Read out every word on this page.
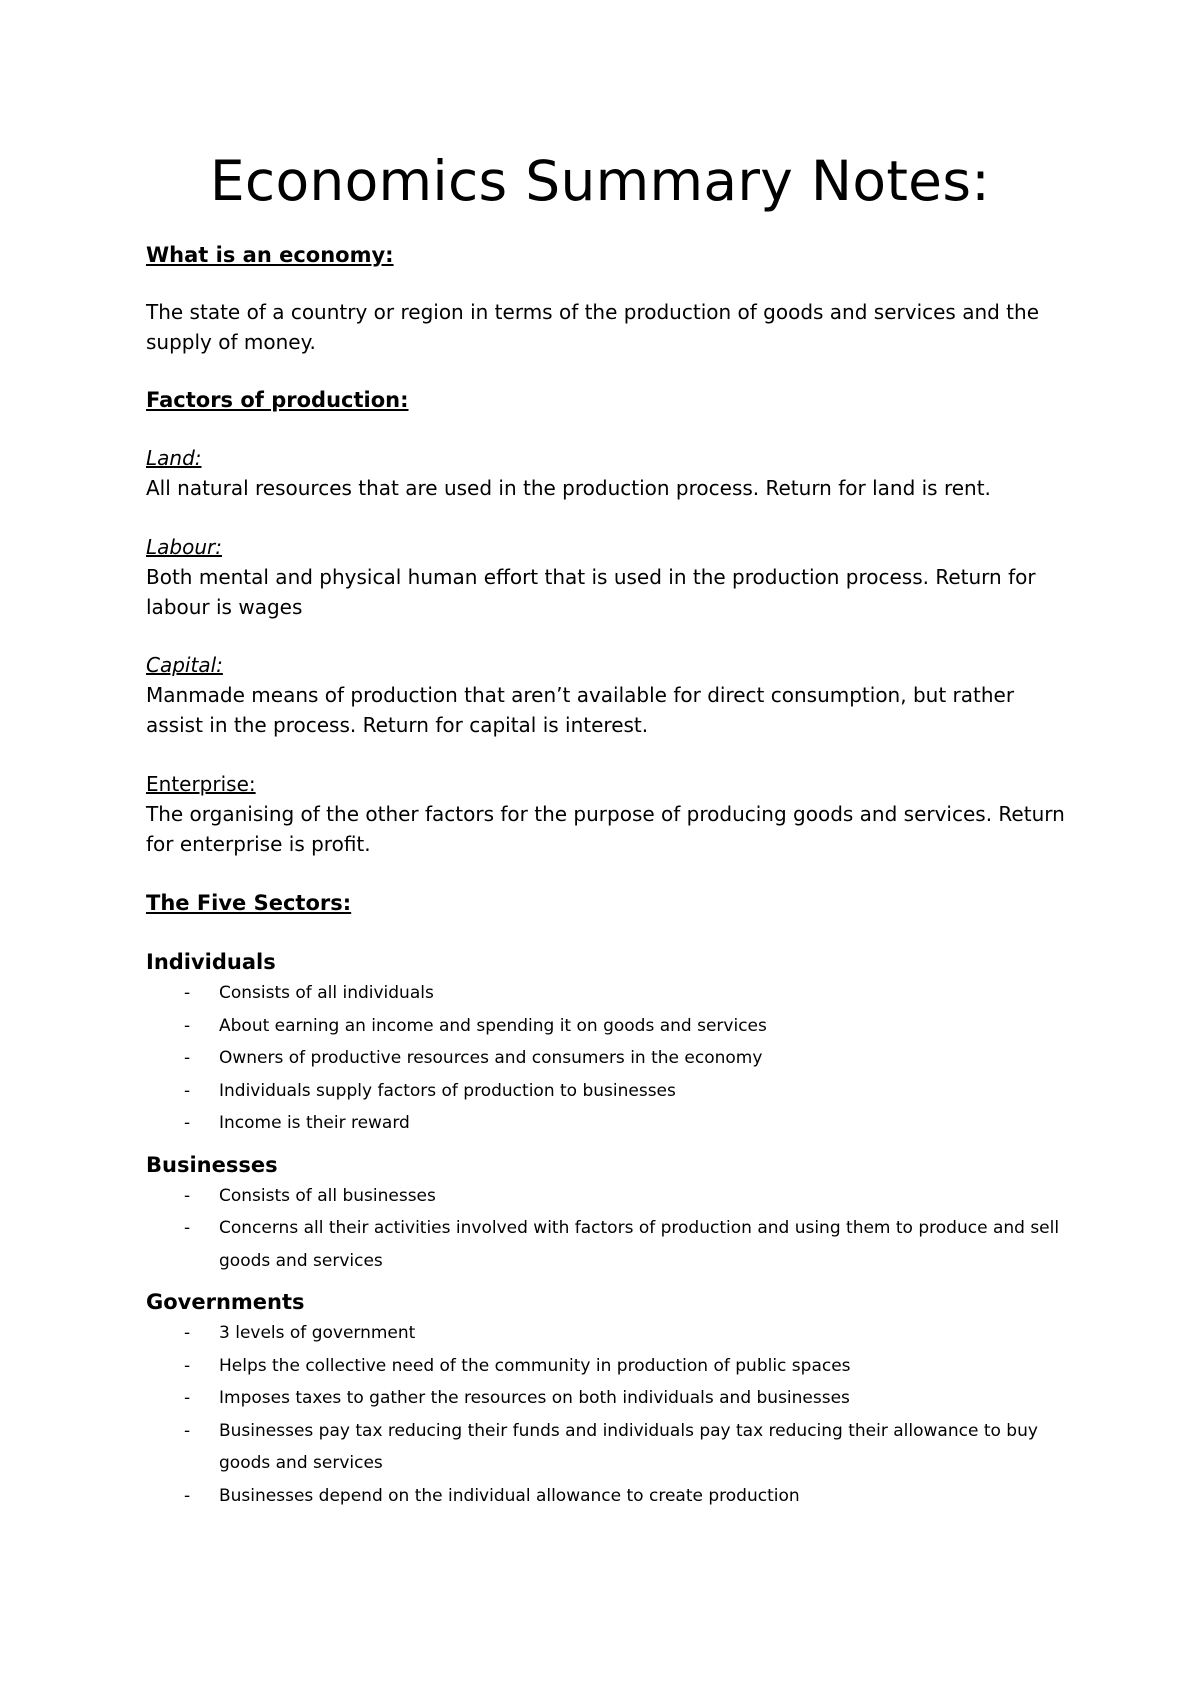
Economics Summary Notes:

What is an economy:

The state of a country or region in terms of the production of goods and services and the supply of money.

Factors of production:

Land:

All natural resources that are used in the production process. Return for land is rent.

Labour:

Both mental and physical human effort that is used in the production process. Return for labour is wages

Capital:

Manmade means of production that aren’t available for direct consumption, but rather assist in the process. Return for capital is interest.

Enterprise:

The organising of the other factors for the purpose of producing goods and services. Return for enterprise is profit.

The Five Sectors:

Individuals

- Consists of all individuals
- About earning an income and spending it on goods and services
- Owners of productive resources and consumers in the economy
- Individuals supply factors of production to businesses
- Income is their reward

Businesses

- Consists of all businesses
- Concerns all their activities involved with factors of production and using them to produce and sell goods and services

Governments

- 3 levels of government
- Helps the collective need of the community in production of public spaces
- Imposes taxes to gather the resources on both individuals and businesses
- Businesses pay tax reducing their funds and individuals pay tax reducing their allowance to buy goods and services
- Businesses depend on the individual allowance to create production
